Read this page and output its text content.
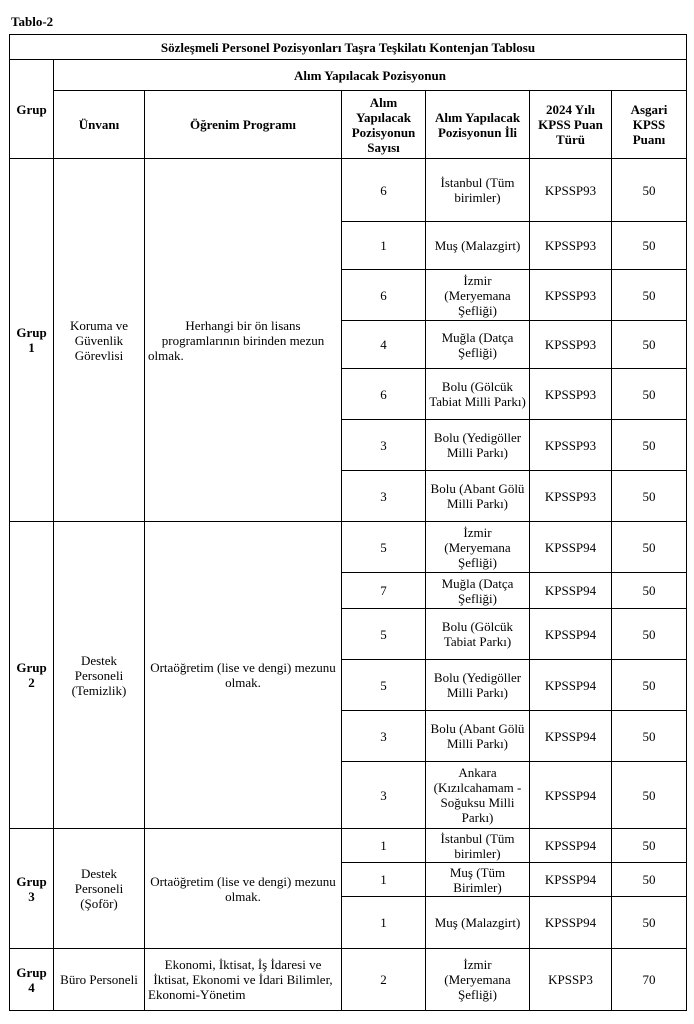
Tablo-2
Sözleşmeli Personel Pozisyonları Taşra Teşkilatı Kontenjan Tablosu						
Grup	Alım Yapılacak Pozisyonun					
	Ünvanı	Öğrenim Programı	Alım Yapılacak Pozisyonun Sayısı	Alım Yapılacak Pozisyonun İli	2024 Yılı KPSS Puan Türü	Asgari KPSS Puanı
Grup 1	Koruma ve Güvenlik Görevlisi	Herhangi bir ön lisans programlarının birinden mezun olmak.	6	İstanbul (Tüm birimler)	KPSSP93	50
			1	Muş (Malazgirt)	KPSSP93	50
			6	İzmir (Meryemana Şefliği)	KPSSP93	50
			4	Muğla (Datça Şefliği)	KPSSP93	50
			6	Bolu (Gölcük Tabiat Milli Parkı)	KPSSP93	50
			3	Bolu (Yedigöller Milli Parkı)	KPSSP93	50
			3	Bolu (Abant Gölü Milli Parkı)	KPSSP93	50
Grup 2	Destek Personeli (Temizlik)	Ortaöğretim (lise ve dengi) mezunu olmak.	5	İzmir (Meryemana Şefliği)	KPSSP94	50
			7	Muğla (Datça Şefliği)	KPSSP94	50
			5	Bolu (Gölcük Tabiat Parkı)	KPSSP94	50
			5	Bolu (Yedigöller Milli Parkı)	KPSSP94	50
			3	Bolu (Abant Gölü Milli Parkı)	KPSSP94	50
			3	Ankara (Kızılcahamam - Soğuksu Milli Parkı)	KPSSP94	50
Grup 3	Destek Personeli (Şoför)	Ortaöğretim (lise ve dengi) mezunu olmak.	1	İstanbul (Tüm birimler)	KPSSP94	50
			1	Muş (Tüm Birimler)	KPSSP94	50
			1	Muş (Malazgirt)	KPSSP94	50
Grup 4	Büro Personeli	Ekonomi, İktisat, İş İdaresi ve İktisat, Ekonomi ve İdari Bilimler, Ekonomi-Yönetim	2	İzmir (Meryemana Şefliği)	KPSSP3	70
